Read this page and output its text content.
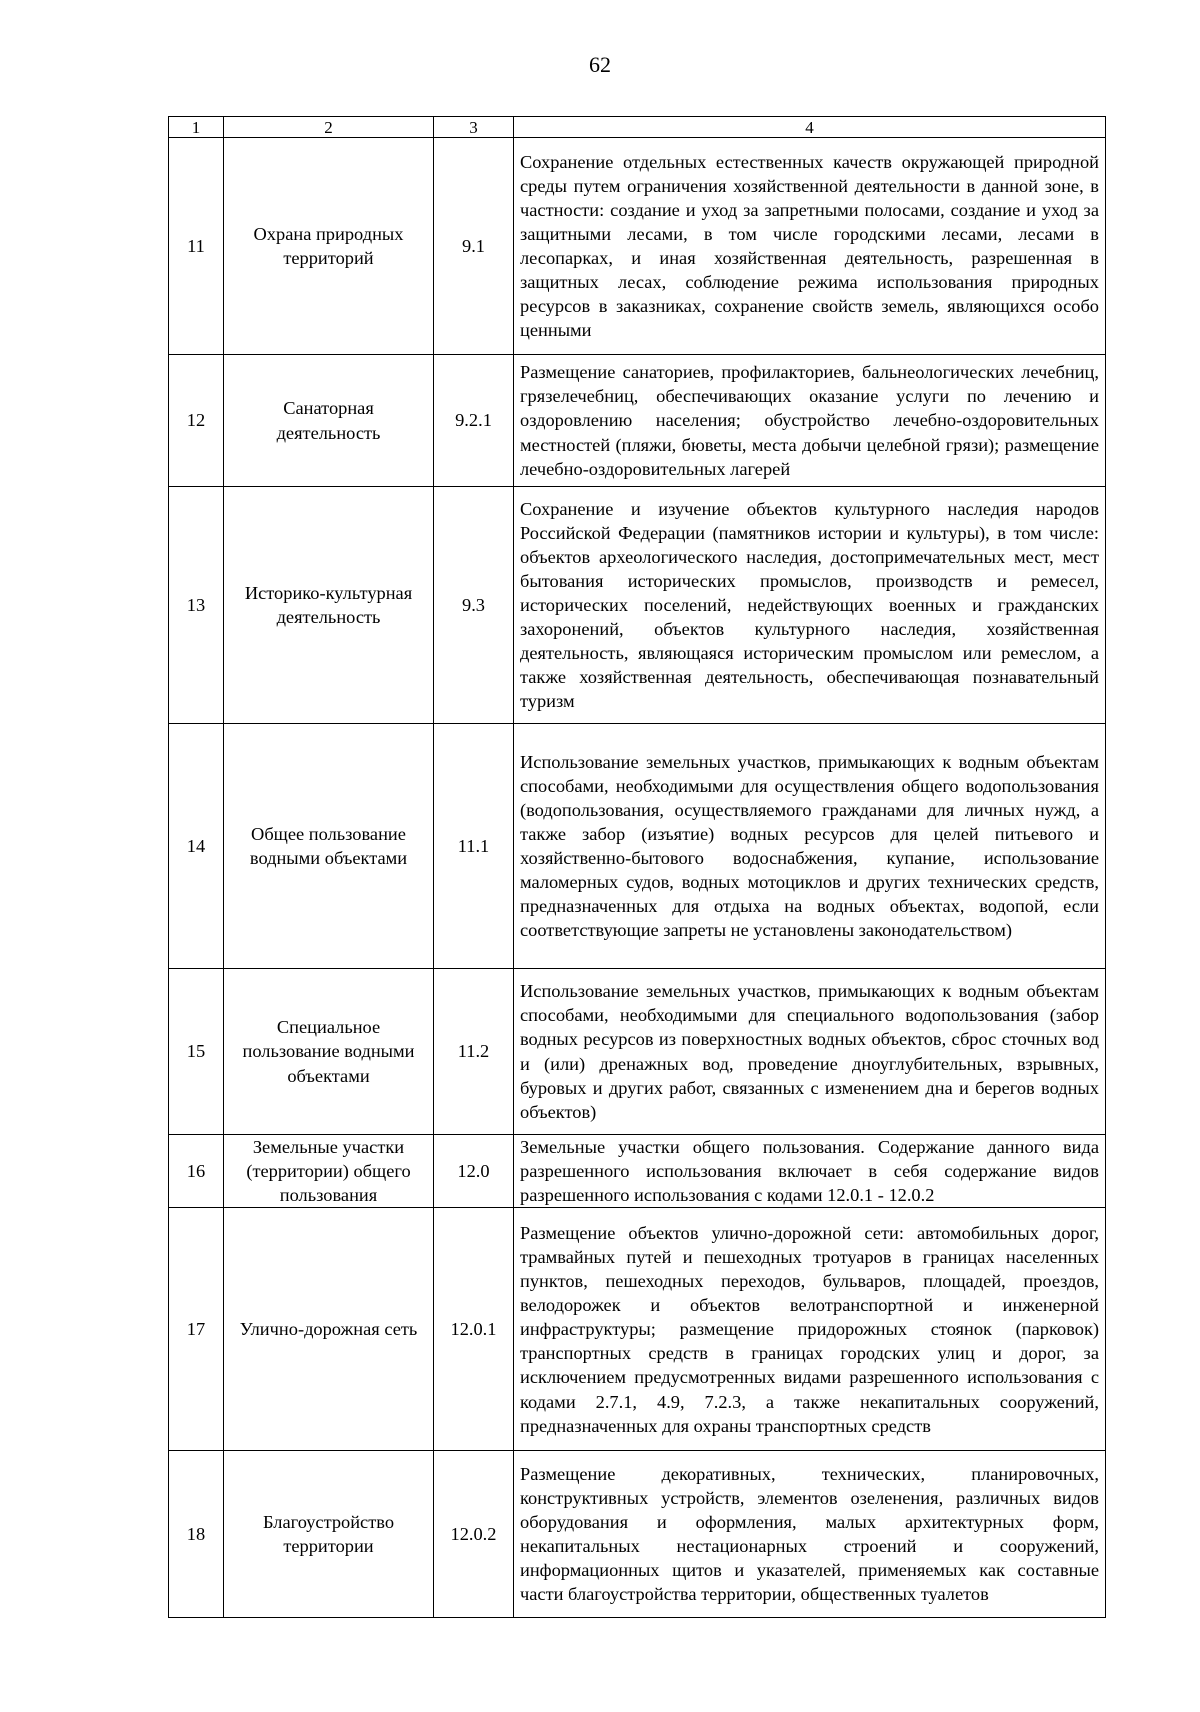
62
1	2	3	4
11	Охрана природных территорий	9.1	Сохранение отдельных естественных качеств окружающей природной среды путем ограничения хозяйственной деятельности в данной зоне, в частности: создание и уход за запретными полосами, создание и уход за защитными лесами, в том числе городскими лесами, лесами в лесопарках, и иная хозяйственная деятельность, разрешенная в защитных лесах, соблюдение режима использования природных ресурсов в заказниках, сохранение свойств земель, являющихся особо ценными
12	Санаторная деятельность	9.2.1	Размещение санаториев, профилакториев, бальнеологических лечебниц, грязелечебниц, обеспечивающих оказание услуги по лечению и оздоровлению населения; обустройство лечебно-оздоровительных местностей (пляжи, бюветы, места добычи целебной грязи); размещение лечебно-оздоровительных лагерей
13	Историко-культурная деятельность	9.3	Сохранение и изучение объектов культурного наследия народов Российской Федерации (памятников истории и культуры), в том числе: объектов археологического наследия, достопримечательных мест, мест бытования исторических промыслов, производств и ремесел, исторических поселений, недействующих военных и гражданских захоронений, объектов культурного наследия, хозяйственная деятельность, являющаяся историческим промыслом или ремеслом, а также хозяйственная деятельность, обеспечивающая познавательный туризм
14	Общее пользование водными объектами	11.1	Использование земельных участков, примыкающих к водным объектам способами, необходимыми для осуществления общего водопользования (водопользования, осуществляемого гражданами для личных нужд, а также забор (изъятие) водных ресурсов для целей питьевого и хозяйственно-бытового водоснабжения, купание, использование маломерных судов, водных мотоциклов и других технических средств, предназначенных для отдыха на водных объектах, водопой, если соответствующие запреты не установлены законодательством)
15	Специальное пользование водными объектами	11.2	Использование земельных участков, примыкающих к водным объектам способами, необходимыми для специального водопользования (забор водных ресурсов из поверхностных водных объектов, сброс сточных вод и (или) дренажных вод, проведение дноуглубительных, взрывных, буровых и других работ, связанных с изменением дна и берегов водных объектов)
16	Земельные участки (территории) общего пользования	12.0	Земельные участки общего пользования. Содержание данного вида разрешенного использования включает в себя содержание видов разрешенного использования с кодами 12.0.1 - 12.0.2
17	Улично-дорожная сеть	12.0.1	Размещение объектов улично-дорожной сети: автомобильных дорог, трамвайных путей и пешеходных тротуаров в границах населенных пунктов, пешеходных переходов, бульваров, площадей, проездов, велодорожек и объектов велотранспортной и инженерной инфраструктуры; размещение придорожных стоянок (парковок) транспортных средств в границах городских улиц и дорог, за исключением предусмотренных видами разрешенного использования с кодами 2.7.1, 4.9, 7.2.3, а также некапитальных сооружений, предназначенных для охраны транспортных средств
18	Благоустройство территории	12.0.2	Размещение декоративных, технических, планировочных, конструктивных устройств, элементов озеленения, различных видов оборудования и оформления, малых архитектурных форм, некапитальных нестационарных строений и сооружений, информационных щитов и указателей, применяемых как составные части благоустройства территории, общественных туалетов
